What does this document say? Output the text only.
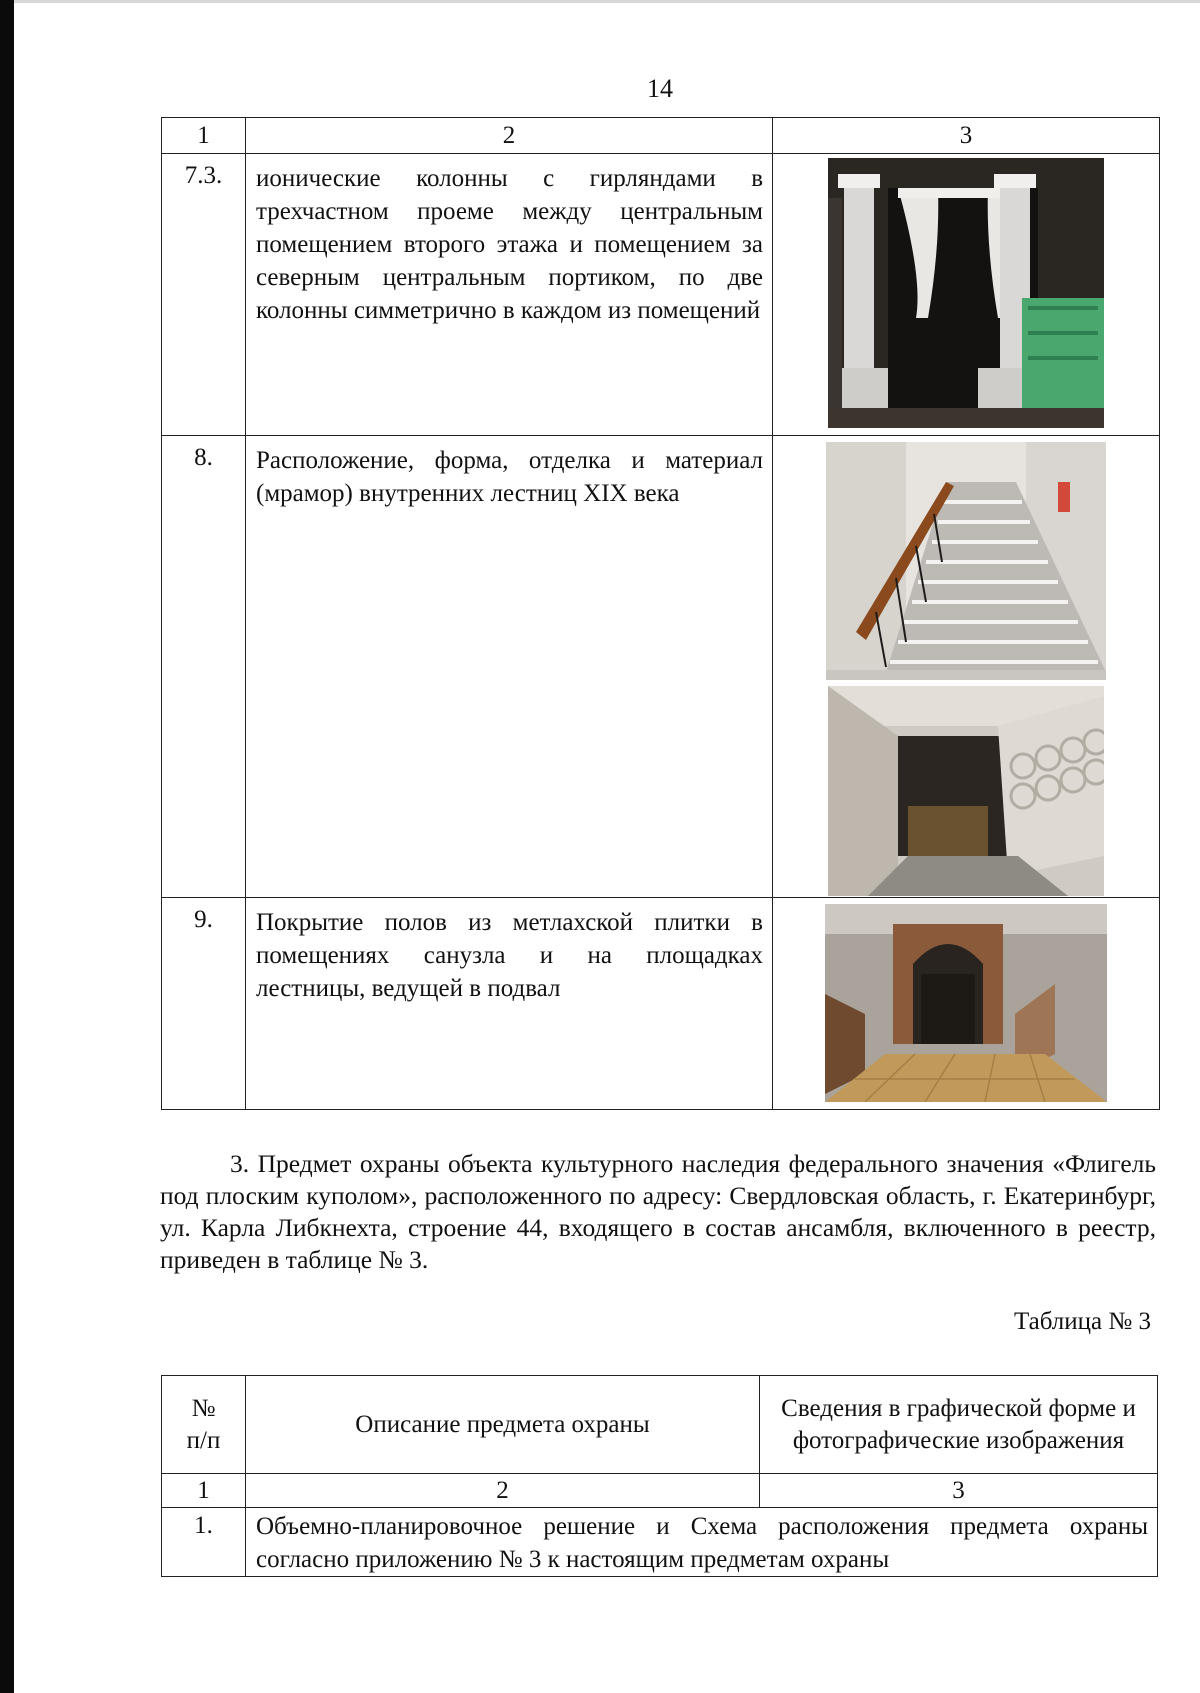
14
1	2	3
7.3.	ионические колонны с гирляндами в трехчастном проеме между центральным помещением второго этажа и помещением за северным центральным портиком, по две колонны симметрично в каждом из помещений	

8.	Расположение, форма, отделка и материал (мрамор) внутренних лестниц XIX века	

9.	Покрытие полов из метлахской плитки в помещениях санузла и на площадках лестницы, ведущей в подвал	
3. Предмет охраны объекта культурного наследия федерального значения «Флигель под плоским куполом», расположенного по адресу: Свердловская область, г. Екатеринбург, ул. Карла Либкнехта, строение 44, входящего в состав ансамбля, включенного в реестр, приведен в таблице № 3.
Таблица № 3
№ п/п	Описание предмета охраны	Сведения в графической форме и фотографические изображения
1	2	3
1.	Объемно-планировочное решение и Схема расположения предмета охраны согласно приложению № 3 к настоящим предметам охраны	
